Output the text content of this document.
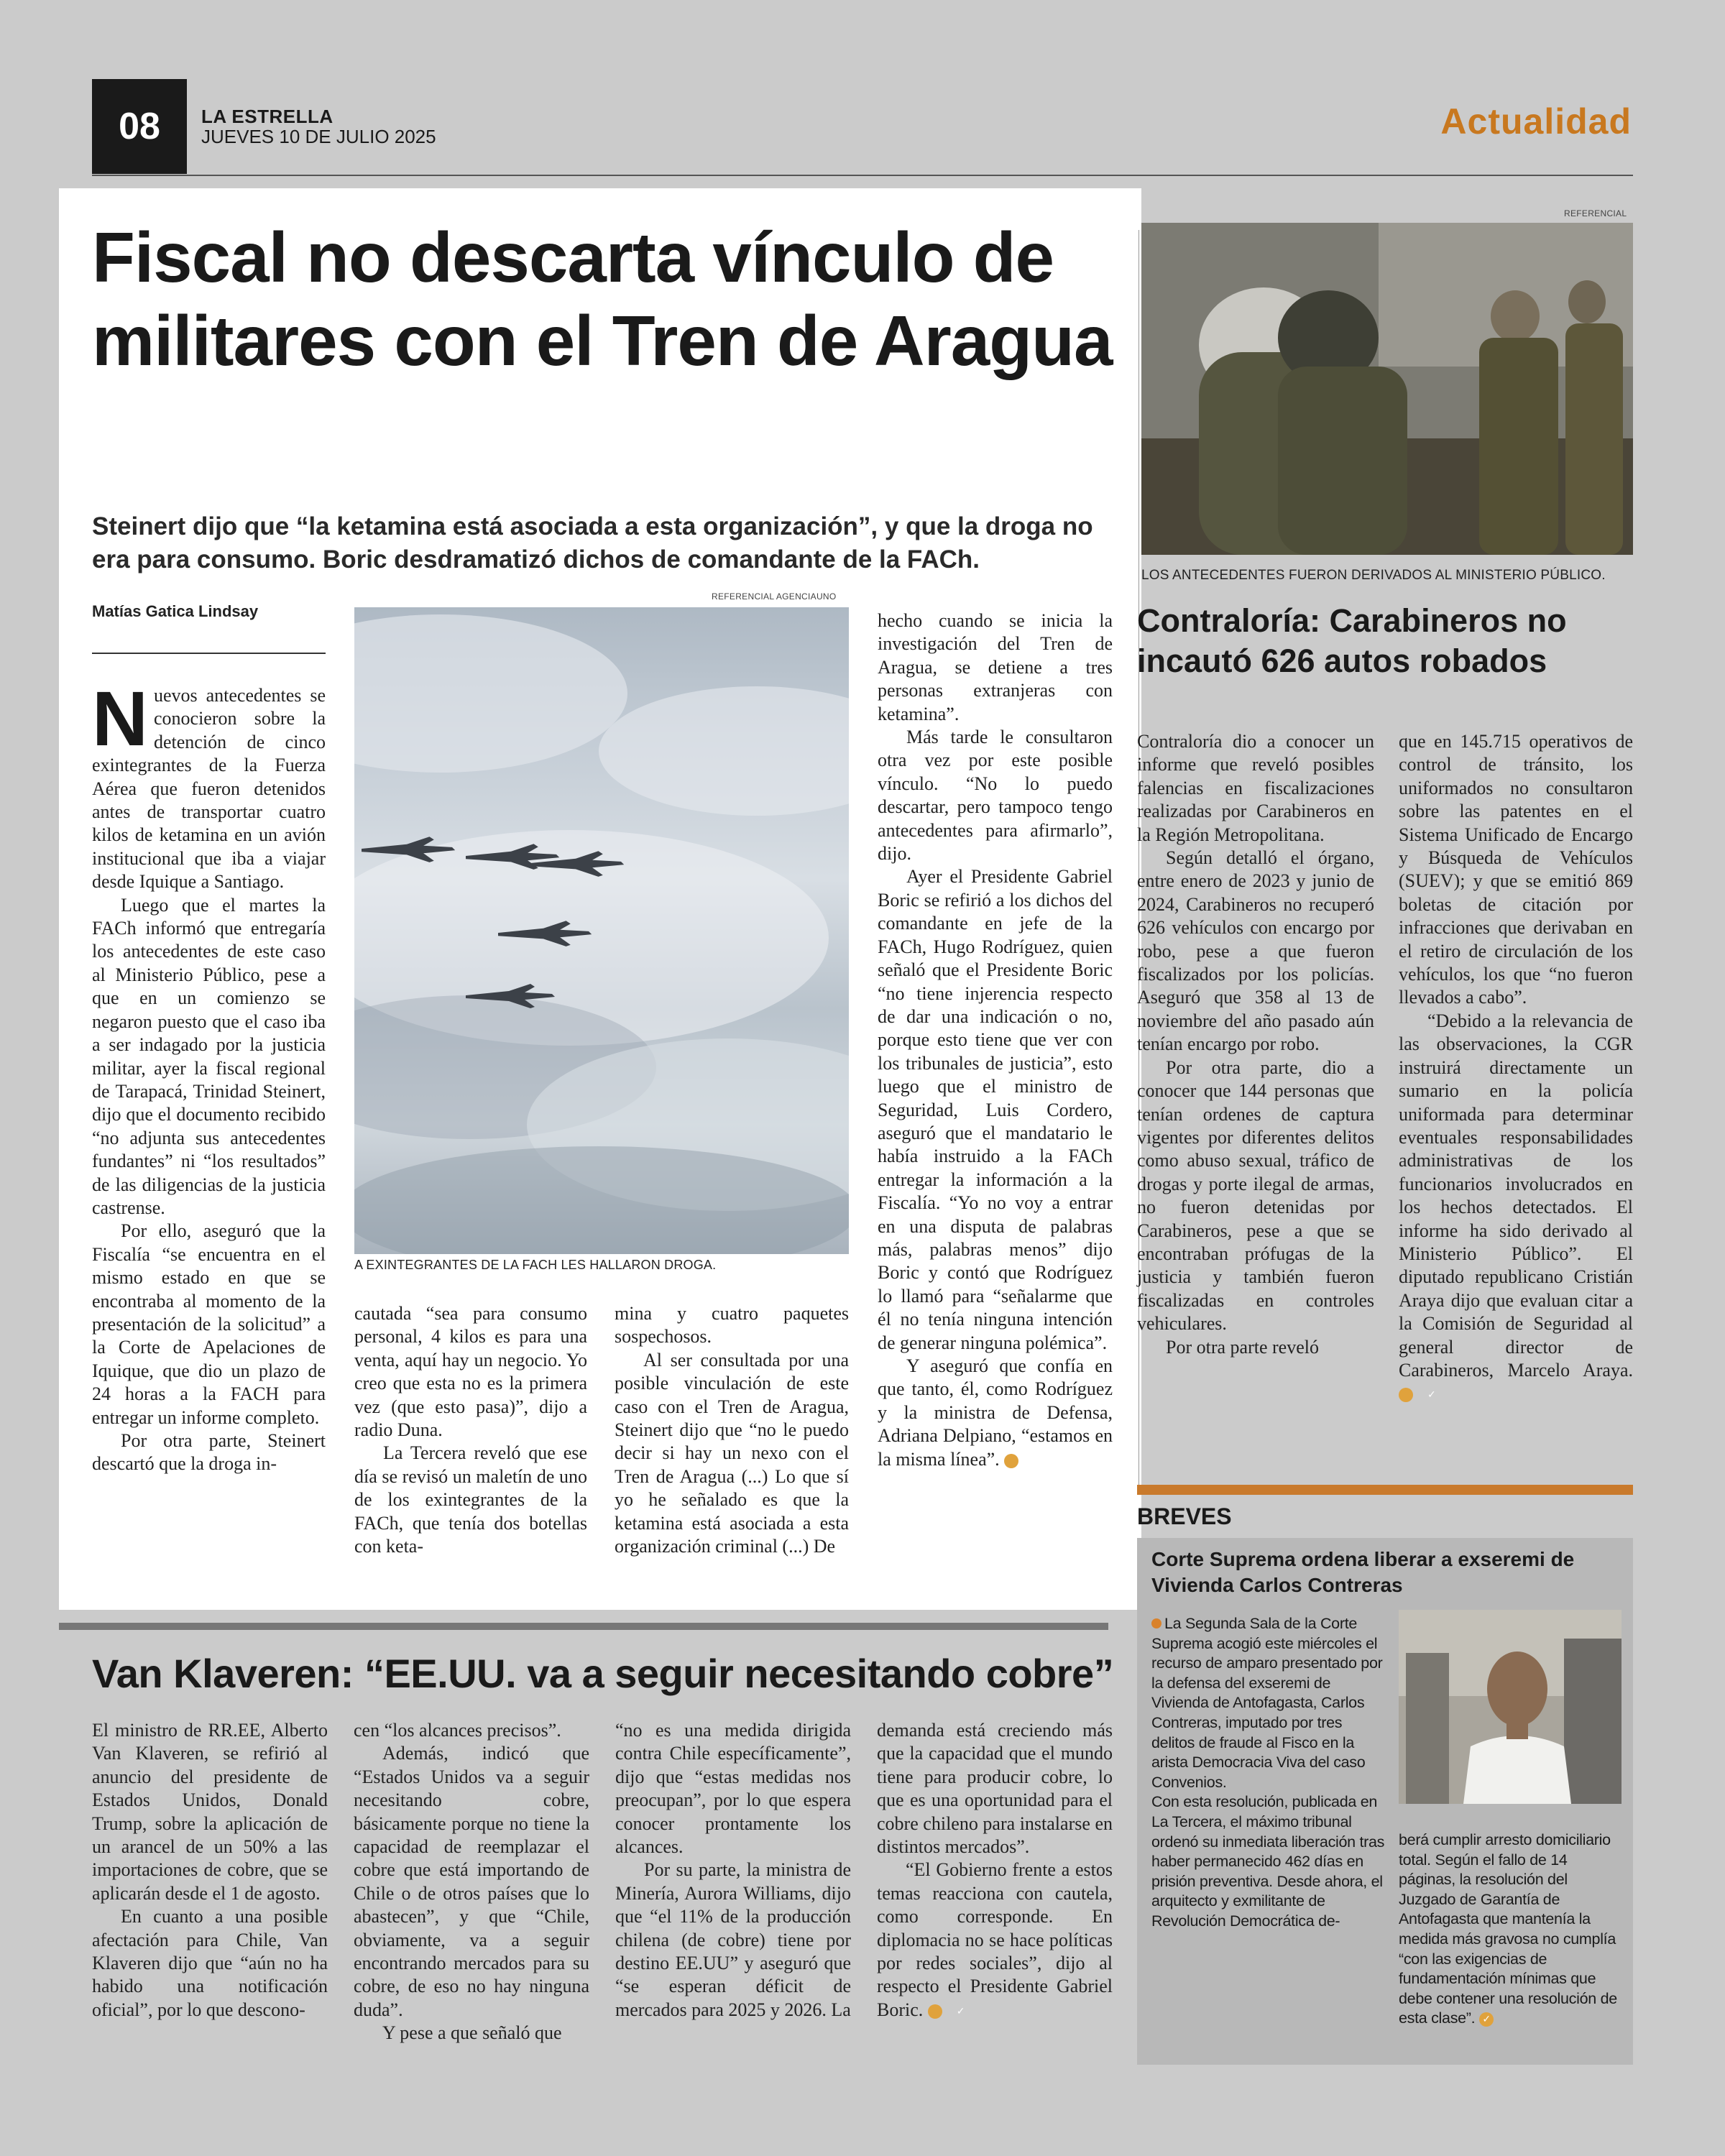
08	LA ESTRELLA
JUEVES 10 DE JULIO 2025	Actualidad
Fiscal no descarta vínculo de militares con el Tren de Aragua
Steinert dijo que “la ketamina está asociada a esta organización”, y que la droga no era para consumo. Boric desdramatizó dichos de comandante de la FACh.
Matías Gatica Lindsay

Nuevos antecedentes se conocieron sobre la detención de cinco exintegrantes de la Fuerza Aérea que fueron detenidos antes de transportar cuatro kilos de ketamina en un avión institucional que iba a viajar desde Iquique a Santiago.

Luego que el martes la FACh informó que entregaría los antecedentes de este caso al Ministerio Público, pese a que en un comienzo se negaron puesto que el caso iba a ser indagado por la justicia militar, ayer la fiscal regional de Tarapacá, Trinidad Steinert, dijo que el documento recibido “no adjunta sus antecedentes fundantes” ni “los resultados” de las diligencias de la justicia castrense.

Por ello, aseguró que la Fiscalía “se encuentra en el mismo estado en que se encontraba al momento de la presentación de la solicitud” a la Corte de Apelaciones de Iquique, que dio un plazo de 24 horas a la FACH para entregar un informe completo.

Por otra parte, Steinert descartó que la droga in-

REFERENCIAL AGENCIAUNO
A EXINTEGRANTES DE LA FACH LES HALLARON DROGA.

cautada “sea para consumo personal, 4 kilos es para una venta, aquí hay un negocio. Yo creo que esta no es la primera vez (que esto pasa)”, dijo a radio Duna.

La Tercera reveló que ese día se revisó un maletín de uno de los exintegrantes de la FACh, que tenía dos botellas con keta-

mina y cuatro paquetes sospechosos.

Al ser consultada por una posible vinculación de este caso con el Tren de Aragua, Steinert dijo que “no le puedo decir si hay un nexo con el Tren de Aragua (...) Lo que sí yo he señalado es que la ketamina está asociada a esta organización criminal (...) De

hecho cuando se inicia la investigación del Tren de Aragua, se detiene a tres personas extranjeras con ketamina”.

Más tarde le consultaron otra vez por este posible vínculo. “No lo puedo descartar, pero tampoco tengo antecedentes para afirmarlo”, dijo.

Ayer el Presidente Gabriel Boric se refirió a los dichos del comandante en jefe de la FACh, Hugo Rodríguez, quien señaló que el Presidente Boric “no tiene injerencia respecto de dar una indicación o no, porque esto tiene que ver con los tribunales de justicia”, esto luego que el ministro de Seguridad, Luis Cordero, aseguró que el mandatario le había instruido a la FACh entregar la información a la Fiscalía. “Yo no voy a entrar en una disputa de palabras más, palabras menos” dijo Boric y contó que Rodríguez lo llamó para “señalarme que él no tenía ninguna intención de generar ninguna polémica”.

Y aseguró que confía en que tanto, él, como Rodríguez y la ministra de Defensa, Adriana Delpiano, “estamos en la misma línea”.	✓

REFERENCIAL
LOS ANTECEDENTES FUERON DERIVADOS AL MINISTERIO PÚBLICO.
Contraloría: Carabineros no incautó 626 autos robados

Contraloría dio a conocer un informe que reveló posibles falencias en fiscalizaciones realizadas por Carabineros en la Región Metropolitana.

Según detalló el órgano, entre enero de 2023 y junio de 2024, Carabineros no recuperó 626 vehículos con encargo por robo, pese a que fueron fiscalizados por los policías. Aseguró que 358 al 13 de noviembre del año pasado aún tenían encargo por robo.

Por otra parte, dio a conocer que 144 personas que tenían ordenes de captura vigentes por diferentes delitos como abuso sexual, tráfico de drogas y porte ilegal de armas, no fueron detenidas por Carabineros, pese a que se encontraban prófugas de la justicia y también fueron fiscalizadas en controles vehiculares.

Por otra parte reveló

que en 145.715 operativos de control de tránsito, los uniformados no consultaron sobre las patentes en el Sistema Unificado de Encargo y Búsqueda de Vehículos (SUEV); y que se emitió 869 boletas de citación por infracciones que derivaban en el retiro de circulación de los vehículos, los que “no fueron llevados a cabo”.

“Debido a la relevancia de las observaciones, la CGR instruirá directamente un sumario en la policía uniformada para determinar eventuales responsabilidades administrativas de los funcionarios involucrados en los hechos detectados. El informe ha sido derivado al Ministerio Público”. El diputado republicano Cristián Araya dijo que evaluan citar a la Comisión de Seguridad al general director de Carabineros, Marcelo Araya. ✓

BREVES
Corte Suprema ordena liberar a exseremi de Vivienda Carlos Contreras

La Segunda Sala de la Corte Suprema acogió este miércoles el recurso de amparo presentado por la defensa del exseremi de Vivienda de Antofagasta, Carlos Contreras, imputado por tres delitos de fraude al Fisco en la arista Democracia Viva del caso Convenios.

Con esta resolución, publicada en La Tercera, el máximo tribunal ordenó su inmediata liberación tras haber permanecido 462 días en prisión preventiva. Desde ahora, el arquitecto y exmilitante de Revolución Democrática de-

berá cumplir arresto domiciliario total. Según el fallo de 14 páginas, la resolución del Juzgado de Garantía de Antofagasta que mantenía la medida más gravosa no cumplía “con las exigencias de fundamentación mínimas que debe contener una resolución de esta clase”. ✓

Van Klaveren: “EE.UU. va a seguir necesitando cobre”

El ministro de RR.EE, Alberto Van Klaveren, se refirió al anuncio del presidente de Estados Unidos, Donald Trump, sobre la aplicación de un arancel de un 50% a las importaciones de cobre, que se aplicarán desde el 1 de agosto.

En cuanto a una posible afectación para Chile, Van Klaveren dijo que “aún no ha habido una notificación oficial”, por lo que descono-

cen “los alcances precisos”.

Además, indicó que “Estados Unidos va a seguir necesitando cobre, básicamente porque no tiene la capacidad de reemplazar el cobre que está importando de Chile o de otros países que lo abastecen”, y que “Chile, obviamente, va a seguir encontrando mercados para su cobre, de eso no hay ninguna duda”.

Y pese a que señaló que

“no es una medida dirigida contra Chile específicamente”, dijo que “estas medidas nos preocupan”, por lo que espera conocer prontamente los alcances.

Por su parte, la ministra de Minería, Aurora Williams, dijo que “el 11% de la producción chilena (de cobre) tiene por destino EE.UU” y aseguró que “se esperan déficit de mercados para 2025 y 2026. La

demanda está creciendo más que la capacidad que el mundo tiene para producir cobre, lo que es una oportunidad para el cobre chileno para instalarse en distintos mercados”.

“El Gobierno frente a estos temas reacciona con cautela, como corresponde. En diplomacia no se hace políticas por redes sociales”, dijo al respecto el Presidente Gabriel Boric.	✓
